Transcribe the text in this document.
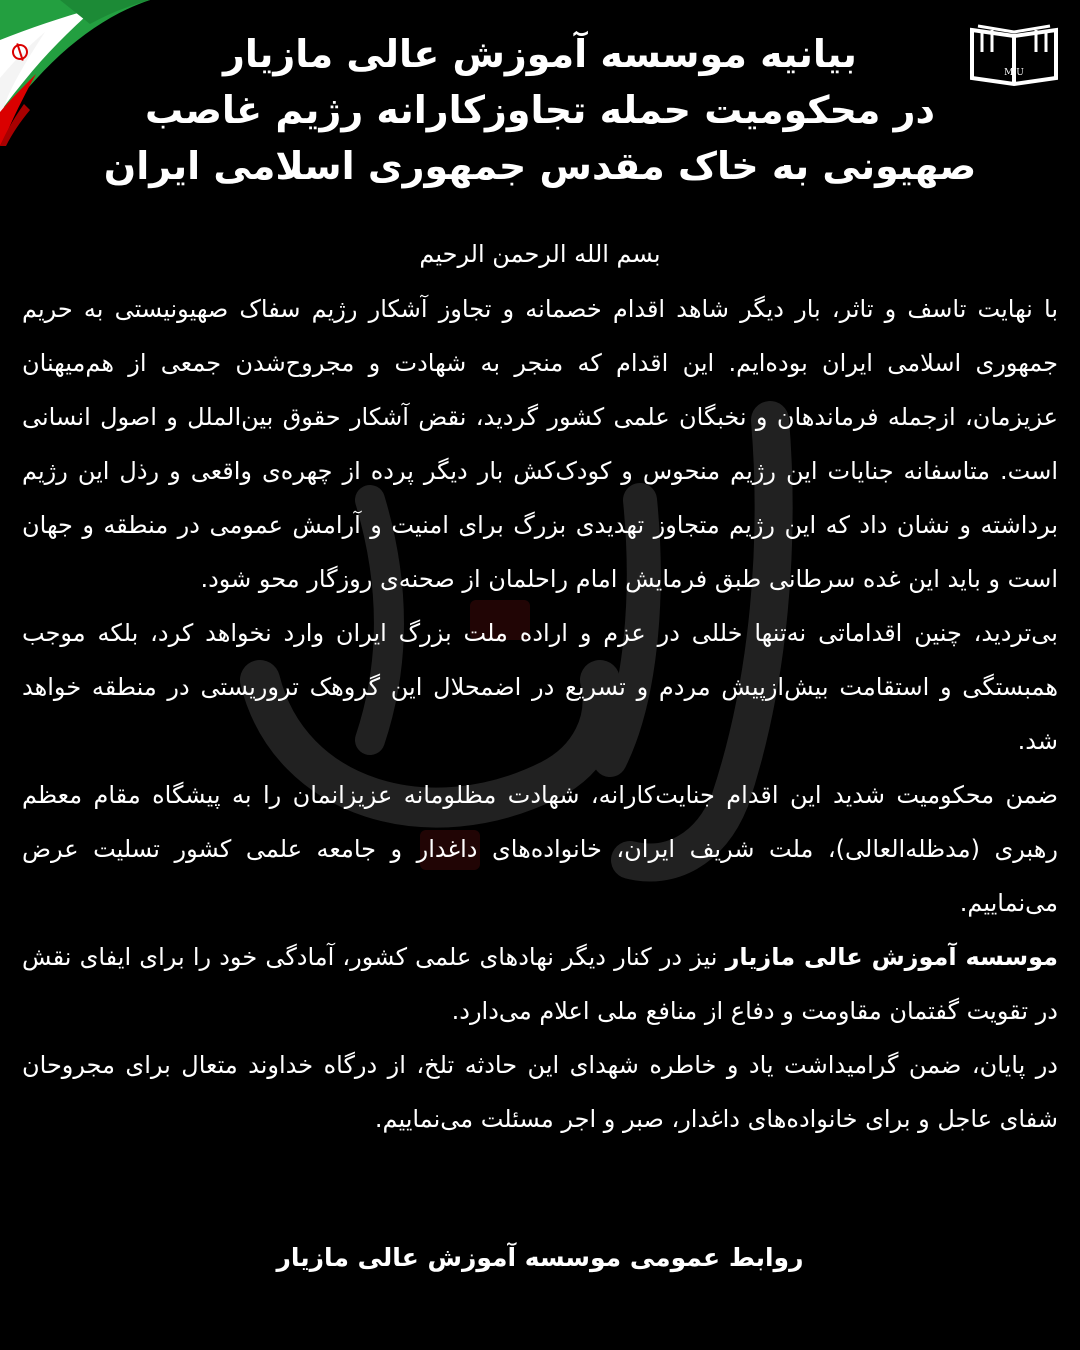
M.U
بیانیه موسسه آموزش عالی مازیار
در محکومیت حمله تجاوزکارانه رژیم غاصب
صهیونی به خاک مقدس جمهوری اسلامی ایران
بسم الله الرحمن الرحیم

با نهایت تاسف و تاثر، بار دیگر شاهد اقدام خصمانه و تجاوز آشکار رژیم سفاک صهیونیستی به حریم جمهوری اسلامی ایران بوده‌ایم. این اقدام که منجر به شهادت و مجروح‌شدن جمعی از هم‌میهنان عزیزمان، ازجمله فرماندهان و نخبگان علمی کشور گردید، نقض آشکار حقوق بین‌الملل و اصول انسانی است. متاسفانه جنایات این رژیم منحوس و کودک‌کش بار دیگر پرده از چهره‌ی واقعی و رذل این رژیم برداشته و نشان داد که این رژیم متجاوز تهدیدی بزرگ برای امنیت و آرامش عمومی در منطقه و جهان است و باید این غده سرطانی طبق فرمایش امام راحلمان از صحنه‌ی روزگار محو شود.

بی‌تردید، چنین اقداماتی نه‌تنها خللی در عزم و اراده ملت بزرگ ایران وارد نخواهد کرد، بلکه موجب همبستگی و استقامت بیش‌ازپیش مردم و تسریع در اضمحلال این گروهک تروریستی در منطقه خواهد شد.

ضمن محکومیت شدید این اقدام جنایت‌کارانه، شهادت مظلومانه عزیزانمان را به پیشگاه مقام معظم رهبری (مدظله‌العالی)، ملت شریف ایران، خانواده‌های داغدار و جامعه علمی کشور تسلیت عرض می‌نماییم.

موسسه آموزش عالی مازیار نیز در کنار دیگر نهادهای علمی کشور، آمادگی خود را برای ایفای نقش در تقویت گفتمان مقاومت و دفاع از منافع ملی اعلام می‌دارد.

در پایان، ضمن گرامیداشت یاد و خاطره شهدای این حادثه تلخ، از درگاه خداوند متعال برای مجروحان شفای عاجل و برای خانواده‌های داغدار، صبر و اجر مسئلت می‌نماییم.

روابط عمومی موسسه آموزش عالی مازیار
